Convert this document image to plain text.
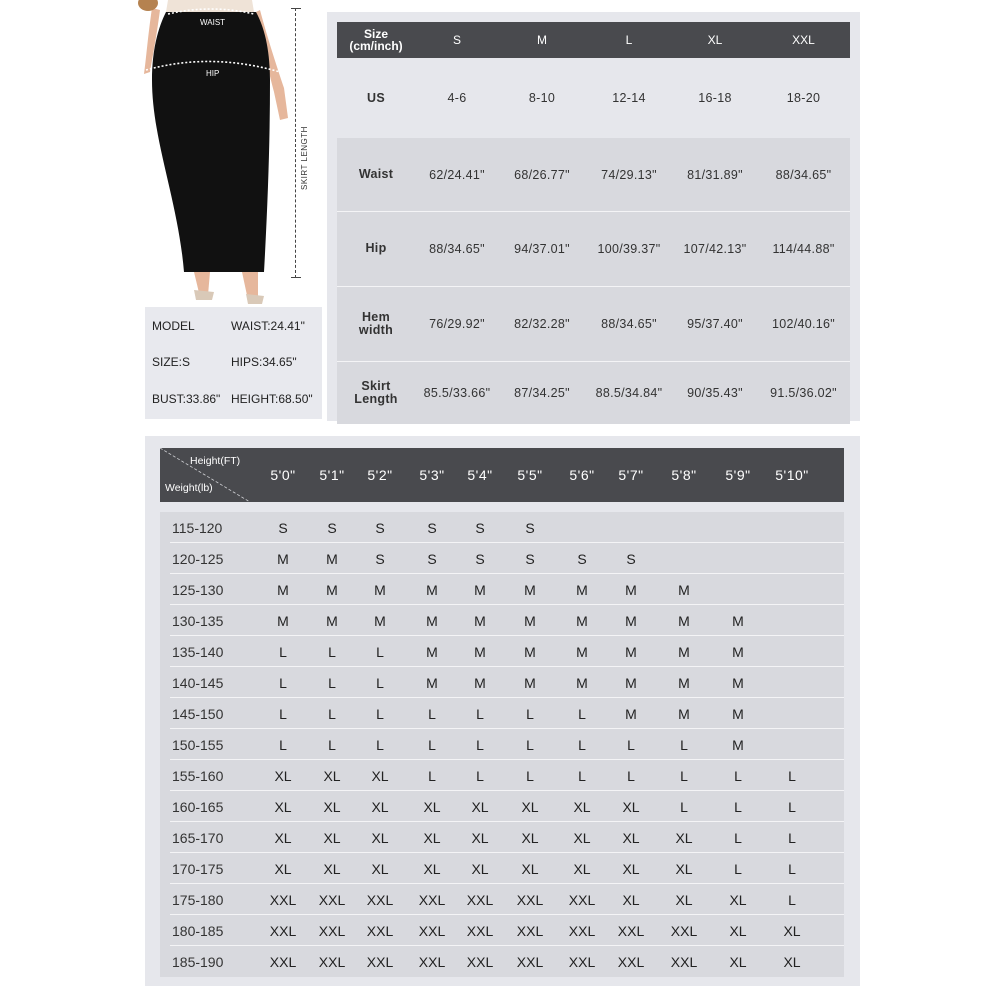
WAIST
HIP
SKIRT LENGTH
MODEL	WAIST:24.41"
SIZE:S	HIPS:34.65"
BUST:33.86" HEIGHT:68.50"
Size
(cm/inch)	S	M	L	XL	XXL
Waist	62/24.41"	68/26.77"	74/29.13"	81/31.89"	88/34.65"
Hip	88/34.65"	94/37.01"	100/39.37"	107/42.13"	114/44.88"
Hem
width	76/29.92"	82/32.28"	88/34.65"	95/37.40"	102/40.16"
Skirt
Length	85.5/33.66"	87/34.25"	88.5/34.84"	90/35.43"	91.5/36.02"
US	4-6	8-10	12-14	16-18	18-20
Height(FT)
Weight(lb)
5'0"	5'1"	5'2"	5'3"	5'4"	5'5"	5'6"	5'7"	5'8"	5'9"	5'10"
115-120	S	S	S	S	S	S
120-125	M	M	S	S	S	S	S	S
125-130	M	M	M	M	M	M	M	M	M
130-135	M	M	M	M	M	M	M	M	M	M
135-140	L	L	L	M	M	M	M	M	M	M
140-145	L	L	L	M	M	M	M	M	M	M
145-150	L	L	L	L	L	L	L	M	M	M
150-155	L	L	L	L	L	L	L	L	L	M
155-160	XL	XL	XL	L	L	L	L	L	L	L	L
160-165	XL	XL	XL	XL	XL	XL	XL	XL	L	L	L
165-170	XL	XL	XL	XL	XL	XL	XL	XL	XL	L	L
170-175	XL	XL	XL	XL	XL	XL	XL	XL	XL	L	L
175-180	XXL	XXL	XXL	XXL	XXL	XXL	XXL	XL	XL	XL	L
180-185	XXL	XXL	XXL	XXL	XXL	XXL	XXL	XXL	XXL	XL	XL
185-190	XXL	XXL	XXL	XXL	XXL	XXL	XXL	XXL	XXL	XL	XL
